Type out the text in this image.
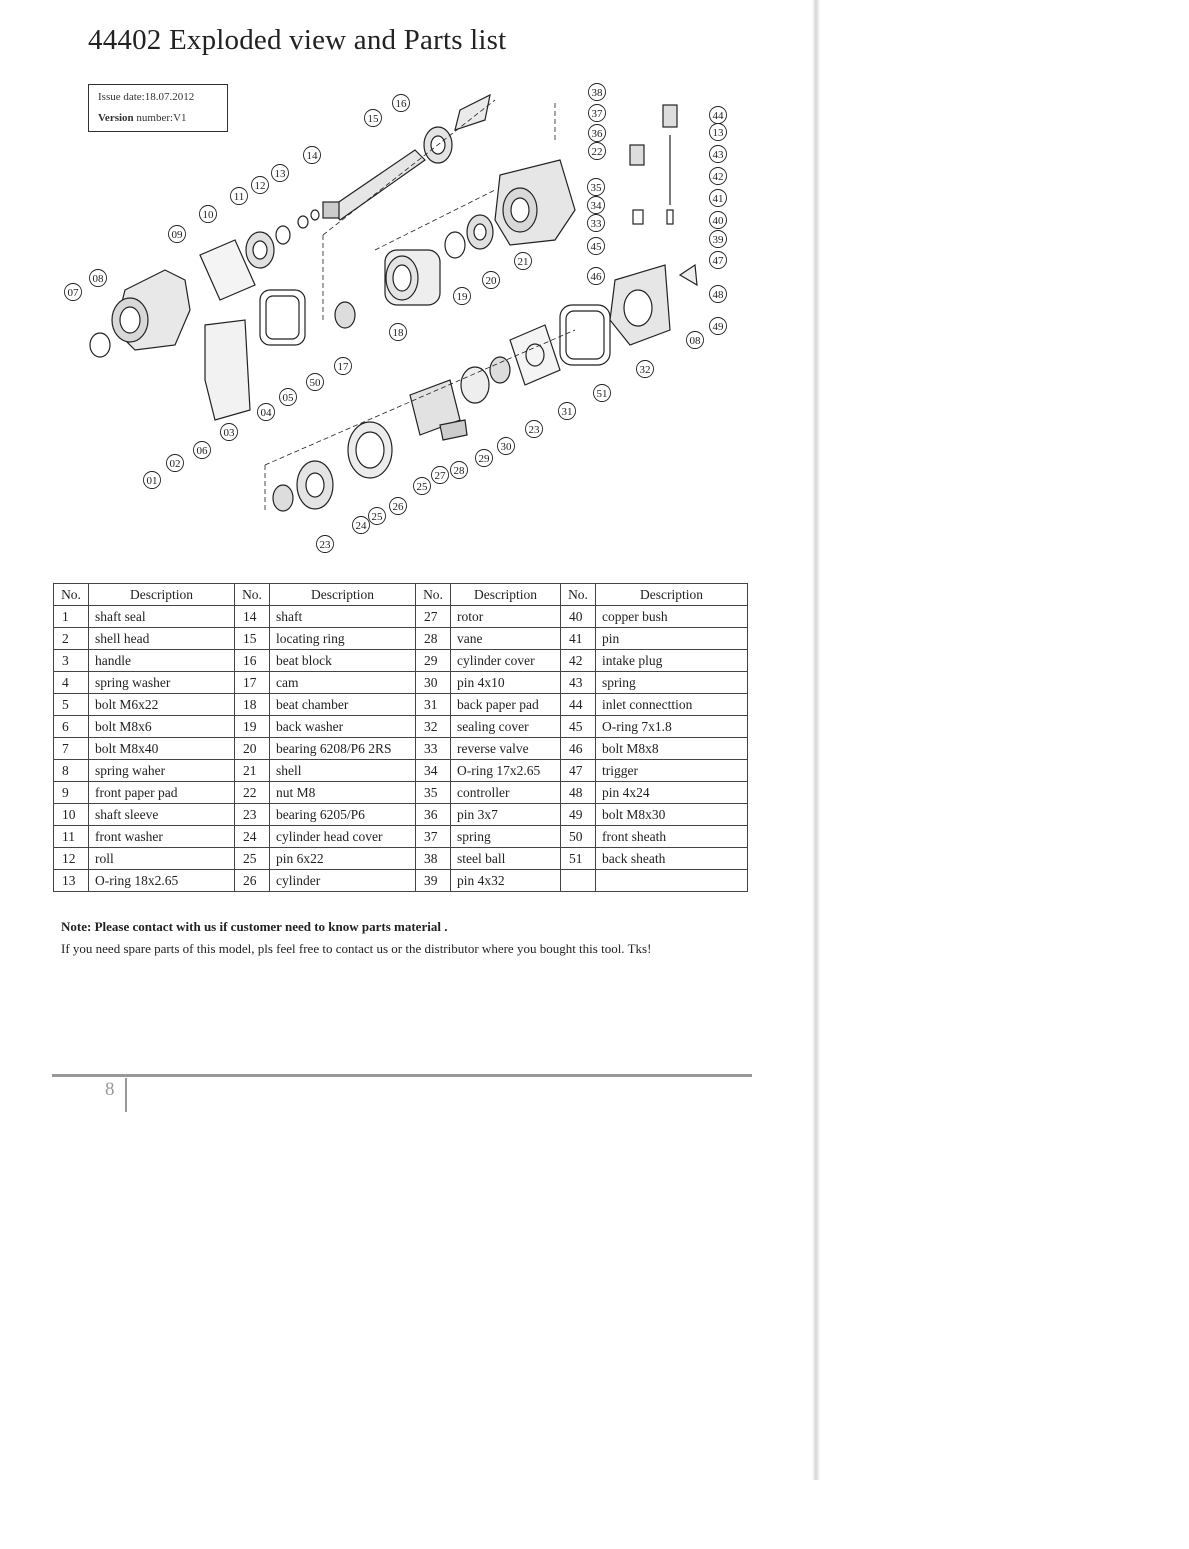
44402 Exploded view and Parts list
Issue date:18.07.2012
Version number:V1
01
02
03
04
05
06
07
08
09
10
11
12
13
14
15
16
17
18
19
20
21
22
23
24
25
26
27 28
29
30
31
32
33
34
35
36
37
38
39
40
41
42
43
44
45
46
47
48
49
50
51
08
13
23
25
No.	Description	No.	Description	No.	Description	No.	Description
1	shaft seal	14	shaft	27	rotor	40	copper bush
2	shell head	15	locating ring	28	vane	41	pin
3	handle	16	beat block	29	cylinder cover	42	intake plug
4	spring washer	17	cam	30	pin 4x10	43	spring
5	bolt M6x22	18	beat chamber	31	back paper pad	44	inlet connecttion
6	bolt M8x6	19	back washer	32	sealing cover	45	O-ring 7x1.8
7	bolt M8x40	20	bearing 6208/P6 2RS	33	reverse valve	46	bolt M8x8
8	spring waher	21	shell	34	O-ring 17x2.65	47	trigger
9	front paper pad	22	nut M8	35	controller	48	pin 4x24
10	shaft sleeve	23	bearing 6205/P6	36	pin 3x7	49	bolt M8x30
11	front washer	24	cylinder head cover	37	spring	50	front sheath
12	roll	25	pin 6x22	38	steel ball	51	back sheath
13	O-ring 18x2.65	26	cylinder	39	pin 4x32		
Note: Please contact with us if customer need to know parts material .
If you need spare parts of this model, pls feel free to contact us or the distributor where you bought this tool. Tks!
8
